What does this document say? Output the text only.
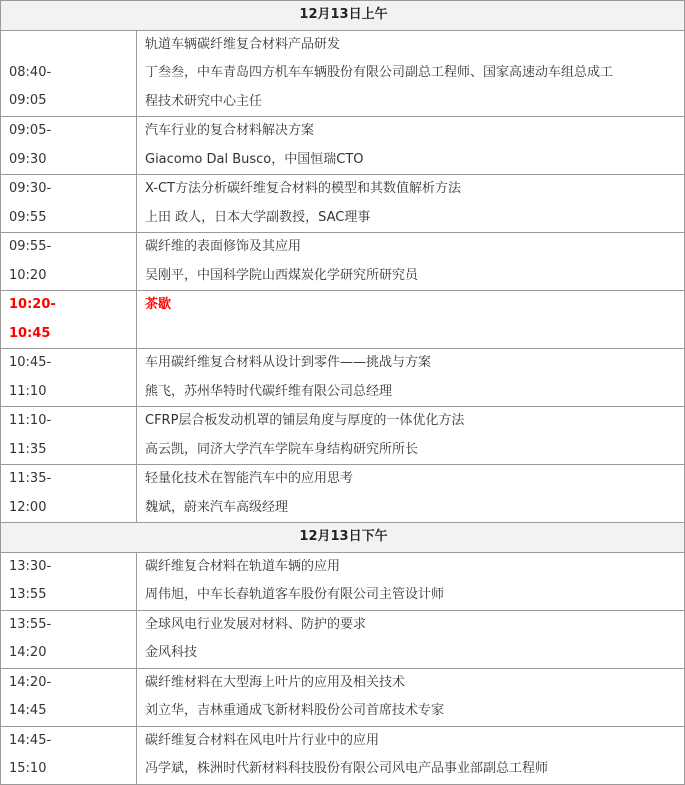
12月13日上午	

08:40-
09:05	轨道车辆碳纤维复合材料产品研发
丁叁叁，中车青岛四方机车车辆股份有限公司副总工程师、国家高速动车组总成工
程技术研究中心主任

09:05-
09:30	汽车行业的复合材料解决方案
Giacomo Dal Busco，中国恒瑞CTO

09:30-
09:55	X-CT方法分析碳纤维复合材料的模型和其数值解析方法
上田 政人，日本大学副教授，SAC理事

09:55-
10:20	碳纤维的表面修饰及其应用
吴刚平，中国科学院山西煤炭化学研究所研究员

10:20-
10:45	茶歇

10:45-
11:10	车用碳纤维复合材料从设计到零件——挑战与方案
熊飞，苏州华特时代碳纤维有限公司总经理

11:10-
11:35	CFRP层合板发动机罩的铺层角度与厚度的一体优化方法
高云凯，同济大学汽车学院车身结构研究所所长

11:35-
12:00	轻量化技术在智能汽车中的应用思考
魏斌，蔚来汽车高级经理

12月13日下午	

13:30-
13:55	碳纤维复合材料在轨道车辆的应用
周伟旭，中车长春轨道客车股份有限公司主管设计师

13:55-
14:20	全球风电行业发展对材料、防护的要求
金风科技

14:20-
14:45	碳纤维材料在大型海上叶片的应用及相关技术
刘立华，吉林重通成飞新材料股份公司首席技术专家

14:45-
15:10	碳纤维复合材料在风电叶片行业中的应用
冯学斌，株洲时代新材料科技股份有限公司风电产品事业部副总工程师
